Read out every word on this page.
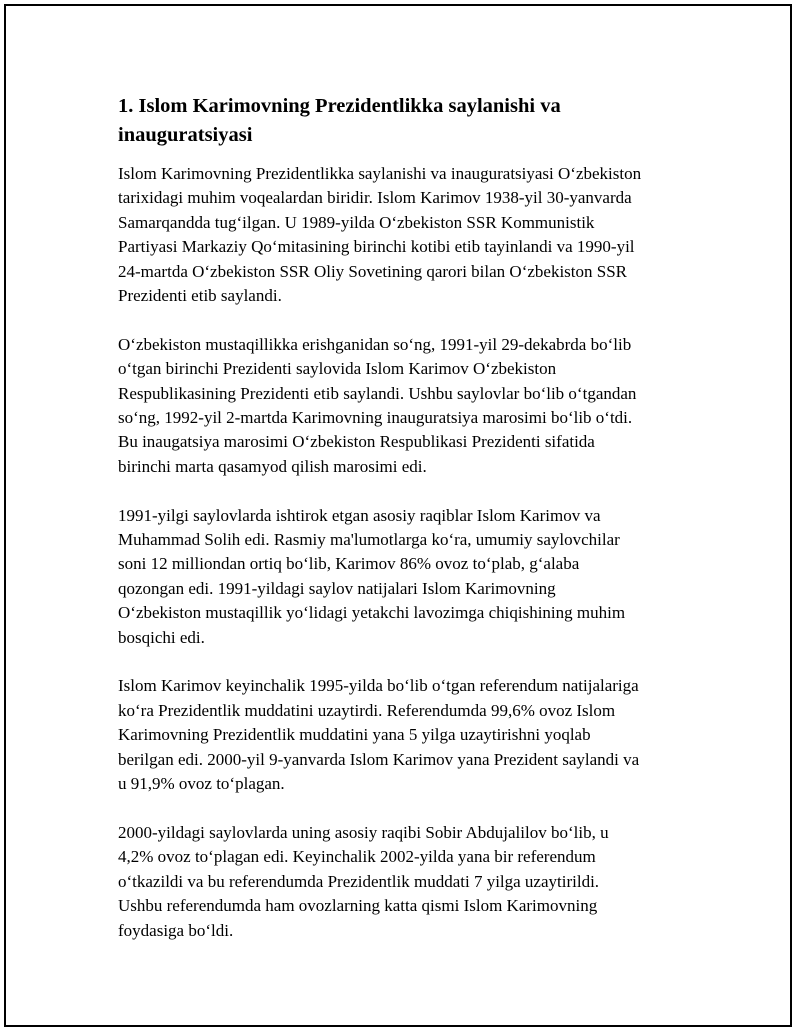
1. Islom Karimovning Prezidentlikka saylanishi va
inauguratsiyasi

Islom Karimovning Prezidentlikka saylanishi va inauguratsiyasi O‘zbekiston
tarixidagi muhim voqealardan biridir. Islom Karimov 1938-yil 30-yanvarda
Samarqandda tug‘ilgan. U 1989-yilda O‘zbekiston SSR Kommunistik
Partiyasi Markaziy Qo‘mitasining birinchi kotibi etib tayinlandi va 1990-yil
24-martda O‘zbekiston SSR Oliy Sovetining qarori bilan O‘zbekiston SSR
Prezidenti etib saylandi.

O‘zbekiston mustaqillikka erishganidan so‘ng, 1991-yil 29-dekabrda bo‘lib
o‘tgan birinchi Prezidenti saylovida Islom Karimov O‘zbekiston
Respublikasining Prezidenti etib saylandi. Ushbu saylovlar bo‘lib o‘tgandan
so‘ng, 1992-yil 2-martda Karimovning inauguratsiya marosimi bo‘lib o‘tdi.
Bu inaugatsiya marosimi O‘zbekiston Respublikasi Prezidenti sifatida
birinchi marta qasamyod qilish marosimi edi.

1991-yilgi saylovlarda ishtirok etgan asosiy raqiblar Islom Karimov va
Muhammad Solih edi. Rasmiy ma'lumotlarga ko‘ra, umumiy saylovchilar
soni 12 milliondan ortiq bo‘lib, Karimov 86% ovoz to‘plab, g‘alaba
qozongan edi. 1991-yildagi saylov natijalari Islom Karimovning
O‘zbekiston mustaqillik yo‘lidagi yetakchi lavozimga chiqishining muhim
bosqichi edi.

Islom Karimov keyinchalik 1995-yilda bo‘lib o‘tgan referendum natijalariga
ko‘ra Prezidentlik muddatini uzaytirdi. Referendumda 99,6% ovoz Islom
Karimovning Prezidentlik muddatini yana 5 yilga uzaytirishni yoqlab
berilgan edi. 2000-yil 9-yanvarda Islom Karimov yana Prezident saylandi va
u 91,9% ovoz to‘plagan.

2000-yildagi saylovlarda uning asosiy raqibi Sobir Abdujalilov bo‘lib, u
4,2% ovoz to‘plagan edi. Keyinchalik 2002-yilda yana bir referendum
o‘tkazildi va bu referendumda Prezidentlik muddati 7 yilga uzaytirildi.
Ushbu referendumda ham ovozlarning katta qismi Islom Karimovning
foydasiga bo‘ldi.
